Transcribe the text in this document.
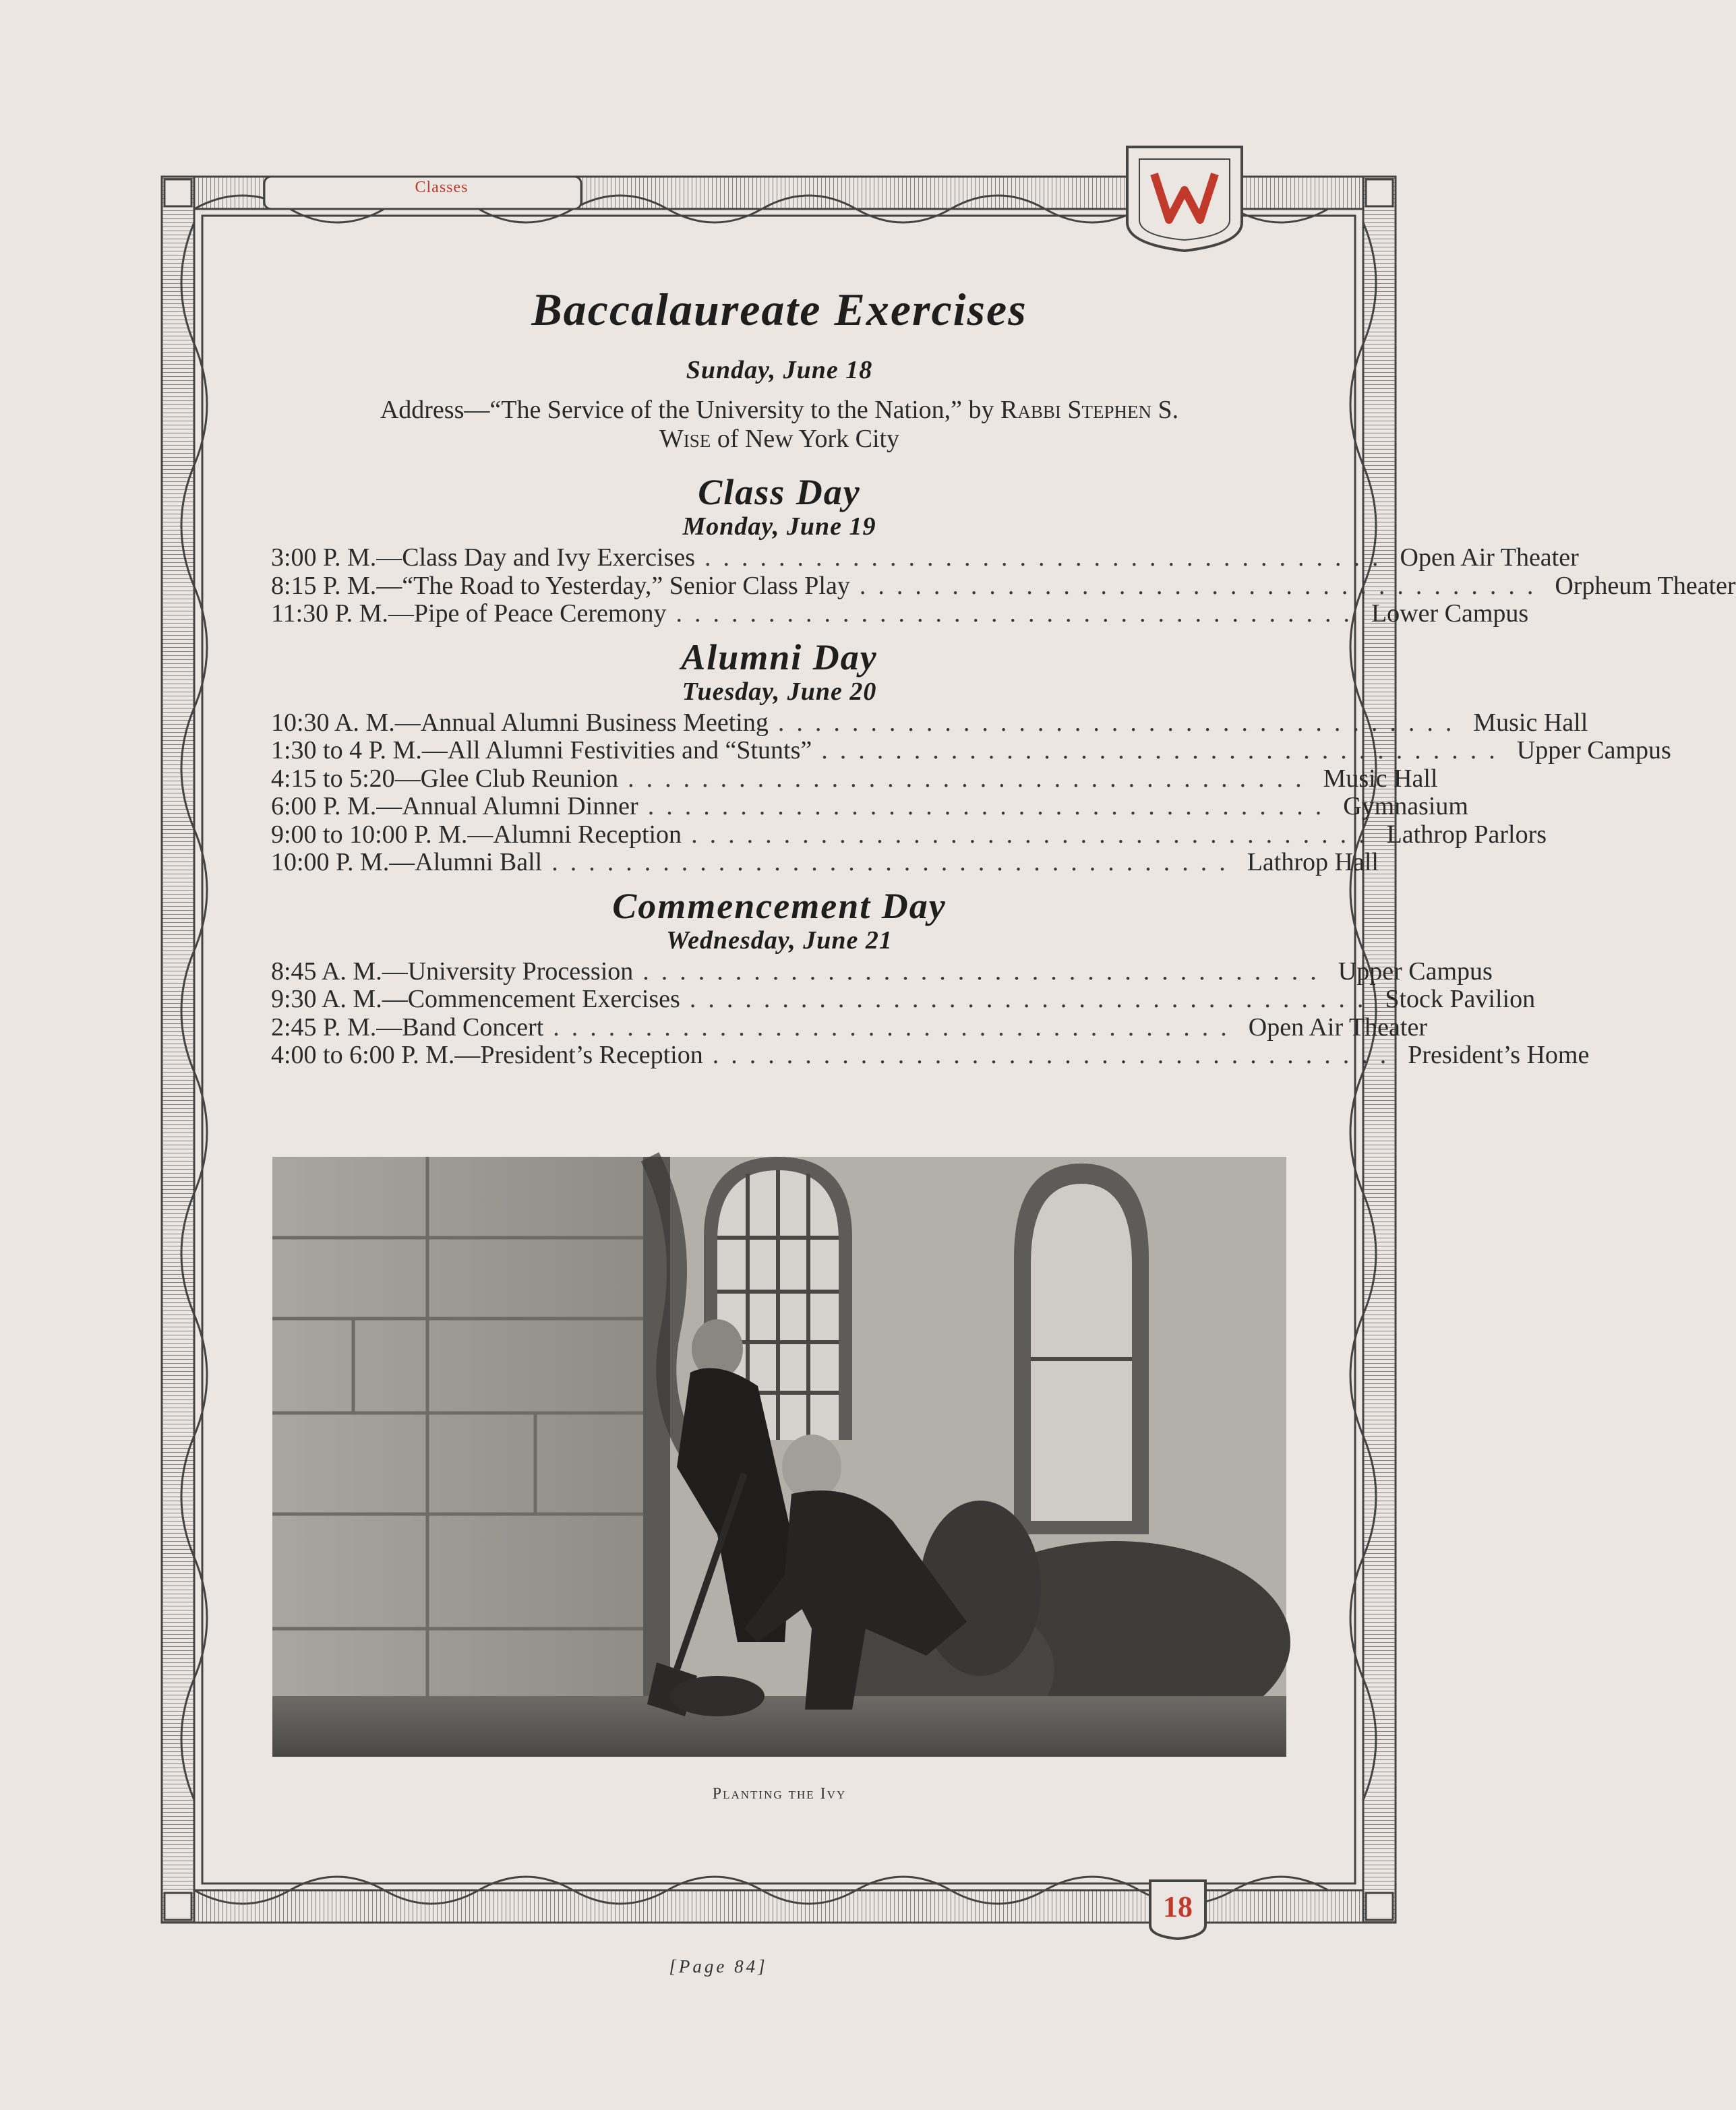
Classes
18
Baccalaureate Exercises
Sunday, June 18
Address—“The Service of the University to the Nation,” by Rabbi Stephen S.
Wise of New York City
Class Day
Monday, June 19
3:00 P. M.—Class Day and Ivy Exercises ..................................... Open Air Theater
8:15 P. M.—“The Road to Yesterday,” Senior Class Play ..................................... Orpheum Theater
11:30 P. M.—Pipe of Peace Ceremony ..................................... Lower Campus
Alumni Day
Tuesday, June 20
10:30 A. M.—Annual Alumni Business Meeting ..................................... Music Hall
1:30 to 4 P. M.—All Alumni Festivities and “Stunts” ..................................... Upper Campus
4:15 to 5:20—Glee Club Reunion ..................................... Music Hall
6:00 P. M.—Annual Alumni Dinner ..................................... Gymnasium
9:00 to 10:00 P. M.—Alumni Reception ..................................... Lathrop Parlors
10:00 P. M.—Alumni Ball ..................................... Lathrop Hall
Commencement Day
Wednesday, June 21
8:45 A. M.—University Procession ..................................... Upper Campus
9:30 A. M.—Commencement Exercises ..................................... Stock Pavilion
2:45 P. M.—Band Concert ..................................... Open Air Theater
4:00 to 6:00 P. M.—President’s Reception ..................................... President’s Home
Planting the Ivy
[Page 84]
